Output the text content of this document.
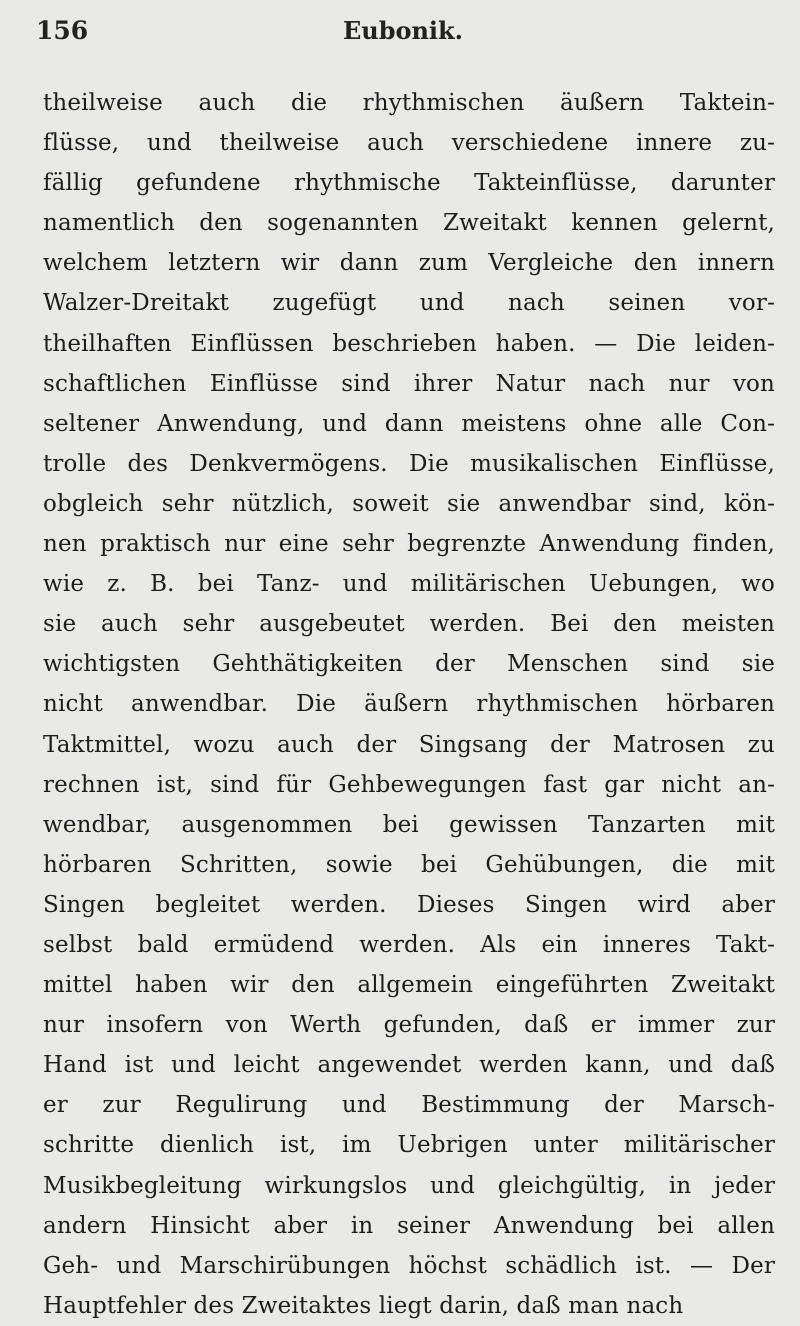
156	Eubonik.
theilweise auch die rhythmischen äußern Taktein-
flüsse, und theilweise auch verschiedene innere zu-
fällig gefundene rhythmische Takteinflüsse, darunter
namentlich den sogenannten Zweitakt kennen gelernt,
welchem letztern wir dann zum Vergleiche den innern
Walzer-Dreitakt zugefügt und nach seinen vor-
theilhaften Einflüssen beschrieben haben. — Die leiden-
schaftlichen Einflüsse sind ihrer Natur nach nur von
seltener Anwendung, und dann meistens ohne alle Con-
trolle des Denkvermögens. Die musikalischen Einflüsse,
obgleich sehr nützlich, soweit sie anwendbar sind, kön-
nen praktisch nur eine sehr begrenzte Anwendung finden,
wie z. B. bei Tanz- und militärischen Uebungen, wo
sie auch sehr ausgebeutet werden. Bei den meisten
wichtigsten Gehthätigkeiten der Menschen sind sie
nicht anwendbar. Die äußern rhythmischen hörbaren
Taktmittel, wozu auch der Singsang der Matrosen zu
rechnen ist, sind für Gehbewegungen fast gar nicht an-
wendbar, ausgenommen bei gewissen Tanzarten mit
hörbaren Schritten, sowie bei Gehübungen, die mit
Singen begleitet werden. Dieses Singen wird aber
selbst bald ermüdend werden. Als ein inneres Takt-
mittel haben wir den allgemein eingeführten Zweitakt
nur insofern von Werth gefunden, daß er immer zur
Hand ist und leicht angewendet werden kann, und daß
er zur Regulirung und Bestimmung der Marsch-
schritte dienlich ist, im Uebrigen unter militärischer
Musikbegleitung wirkungslos und gleichgültig, in jeder
andern Hinsicht aber in seiner Anwendung bei allen
Geh- und Marschirübungen höchst schädlich ist. — Der
Hauptfehler des Zweitaktes liegt darin, daß man nach
